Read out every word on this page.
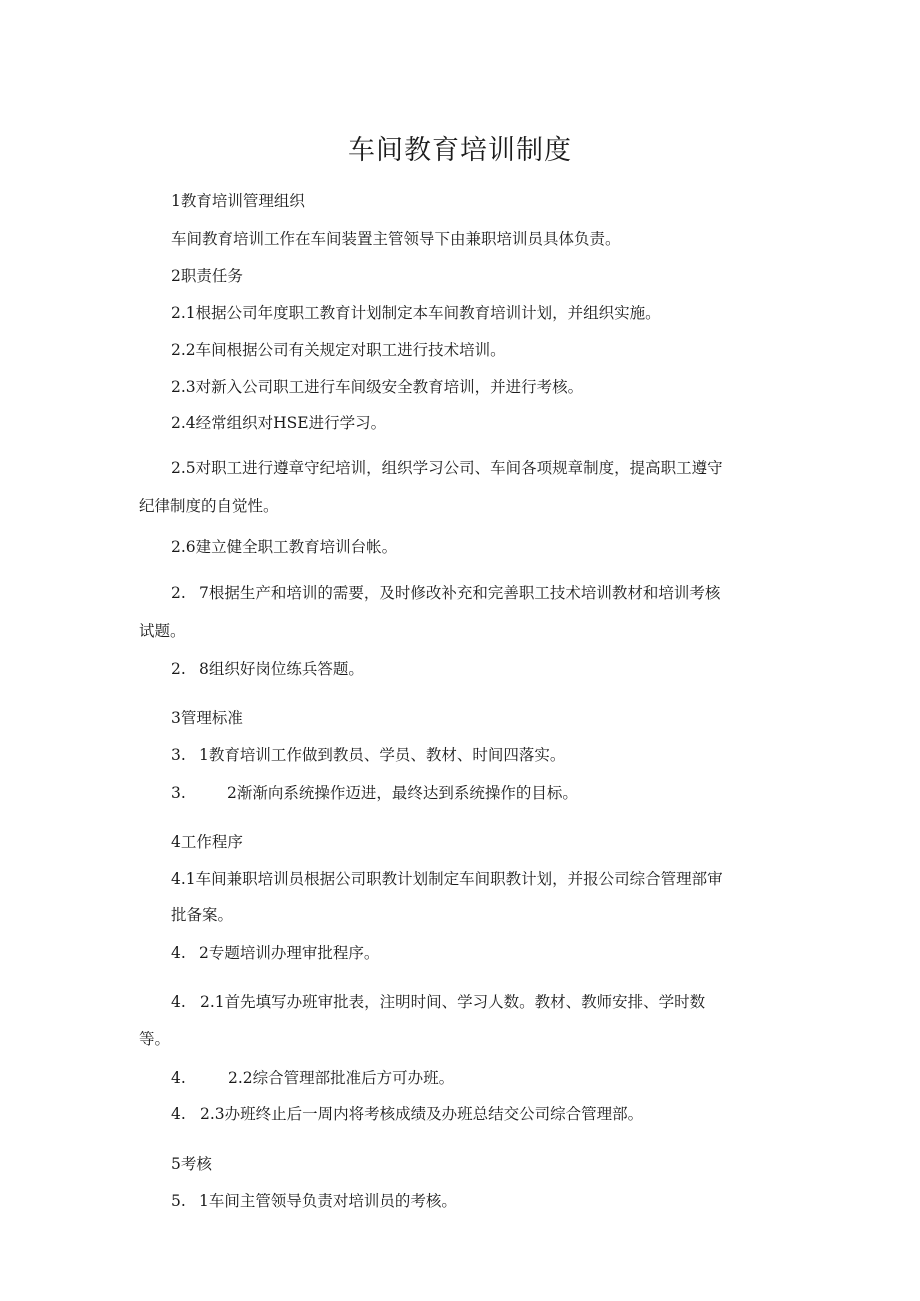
车间教育培训制度

1教育培训管理组织

车间教育培训工作在车间装置主管领导下由兼职培训员具体负责。

2职责任务

2.1根据公司年度职工教育计划制定本车间教育培训计划，并组织实施。

2.2车间根据公司有关规定对职工进行技术培训。

2.3对新入公司职工进行车间级安全教育培训，并进行考核。

2.4经常组织对HSE进行学习。

2.5对职工进行遵章守纪培训，组织学习公司、车间各项规章制度，提高职工遵守

纪律制度的自觉性。

2.6建立健全职工教育培训台帐。

2. 7根据生产和培训的需要，及时修改补充和完善职工技术培训教材和培训考核

试题。

2. 8组织好岗位练兵答题。

3管理标准

3. 1教育培训工作做到教员、学员、教材、时间四落实。

3.	2渐渐向系统操作迈进，最终达到系统操作的目标。

4工作程序

4.1车间兼职培训员根据公司职教计划制定车间职教计划，并报公司综合管理部审

批备案。

4. 2专题培训办理审批程序。

4. 2.1首先填写办班审批表，注明时间、学习人数。教材、教师安排、学时数

等。

4.	2.2综合管理部批准后方可办班。

4. 2.3办班终止后一周内将考核成绩及办班总结交公司综合管理部。

5考核

5. 1车间主管领导负责对培训员的考核。
